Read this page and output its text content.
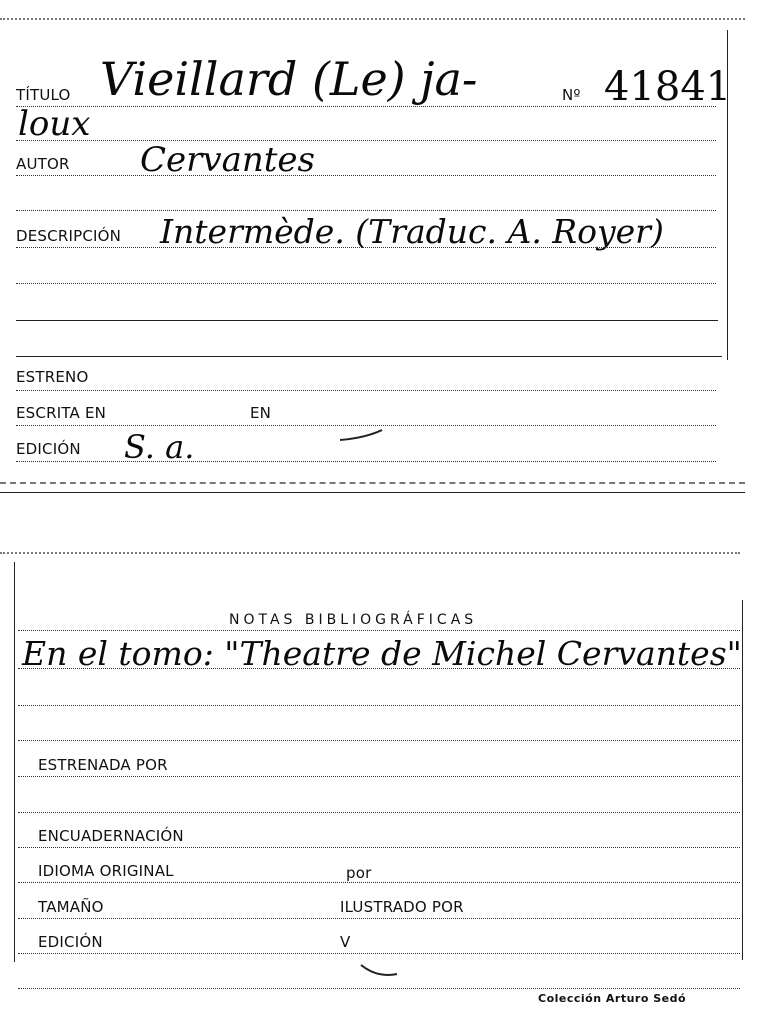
TÍTULO Vieillard (Le) ja-	Nº 41841
loux
AUTOR Cervantes
DESCRIPCIÓN Intermède. (Traduc. A. Royer)
ESTRENO
ESCRITA EN	EN
EDICIÓN S. a.
NOTAS BIBLIOGRÁFICAS
En el tomo: "Theatre de Michel Cervantes"
ESTRENADA POR
ENCUADERNACIÓN
IDIOMA ORIGINAL	por
TAMAÑO	ILUSTRADO POR
EDICIÓN	V
Colección Arturo Sedó
